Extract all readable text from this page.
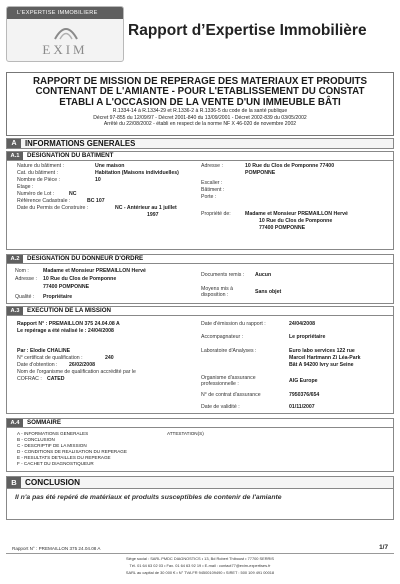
L'EXPERTISE IMMOBILIERE
EXIM
Rapport d’Expertise Immobilière
RAPPORT DE MISSION DE REPERAGE DES MATERIAUX ET PRODUITS
CONTENANT DE L'AMIANTE - POUR L'ETABLISSEMENT DU CONSTAT
ETABLI A L'OCCASION DE LA VENTE D'UN IMMEUBLE BÂTI
R.1334-14 à R.1334-29 et R.1336-2 à R.1336-5 du code de la santé publique
Décret 97-855 du 12/09/97 - Décret 2001-840 du 13/09/2001 - Décret 2002-839 du 03/05/2002
Arrêté du 22/08/2002 - établi en respect de la norme NF X 46-020 de novembre 2002
A	INFORMATIONS GENERALES
A.1	DESIGNATION DU BATIMENT
Nature du bâtiment :	Une maison
Cat. du bâtiment :	Habitation (Maisons individuelles)
Nombre de Pièce :	10
Etage :
Numéro de Lot :	NC
Référence Cadastrale :	BC 107
Date du Permis de Construire :	NC - Antérieur au 1 juillet
1997
Adresse :	10 Rue du Clos de Pomponne 77400
POMPONNE
Escalier :
Bâtiment :
Porte :
Propriété de:	Madame et Monsieur PREMAILLON Hervé
10 Rue du Clos de Pomponne
77400 POMPONNE
A.2	DESIGNATION DU DONNEUR D'ORDRE
Nom :	Madame et Monsieur PREMAILLON Hervé
Adresse : 10 Rue du Clos de Pomponne
77400 POMPONNE
Qualité : Propriétaire
Documents remis : Aucun
Moyens mis à
disposition :	Sans objet
A.3	EXECUTION DE LA MISSION
Rapport N° : PREMAILLON 375 24.04.08 A
Le repérage a été réalisé le : 24/04/2008
Par : Elodie CHALINE
N° certificat de qualification :	240
Date d'obtention : 26/02/2008
Nom de l'organisme de qualification accrédité par le
COFRAC : CATED
Date d'émission du rapport :	24/04/2008
Accompagnateur :	Le propriétaire
Laboratoire d'Analyses :	Euro labo services 122 rue
Marcel Hartmann Zi Léa-Park
Bât A 94200 Ivry sur Seine
Organisme d'assurance
professionnelle :	AIG Europe
N° de contrat d'assurance	7950376/654
Date de validité :	01/11/2007
A.4	SOMMAIRE
A - INFORMATIONS GENERALES
B - CONCLUSION
C - DESCRIPTIF DE LA MISSION
D - CONDITIONS DE REALISATION DU REPERAGE
E - RESULTATS DETAILLES DU REPERAGE
F - CACHET DU DIAGNOSTIQUEUR
ATTESTATION(S)
B	CONCLUSION
Il n'a pas été repéré de matériaux et produits susceptibles de contenir de l'amiante
Rapport N° : PREMAILLON 375 24.04.08 A	1/7
Siège social : SARL PMDC DIAGNOSTICS • 13, Bd Robert Thiboust • 77700 SERRIS
Tél. 01 64 63 02 03 • Fax. 01 64 63 92 19 • E-mail : contact77@exim-expertises.fr
SARL au capital de 30 000 € • N° TVA FR 94500109490 • SIRET : 500 109 491 00018
